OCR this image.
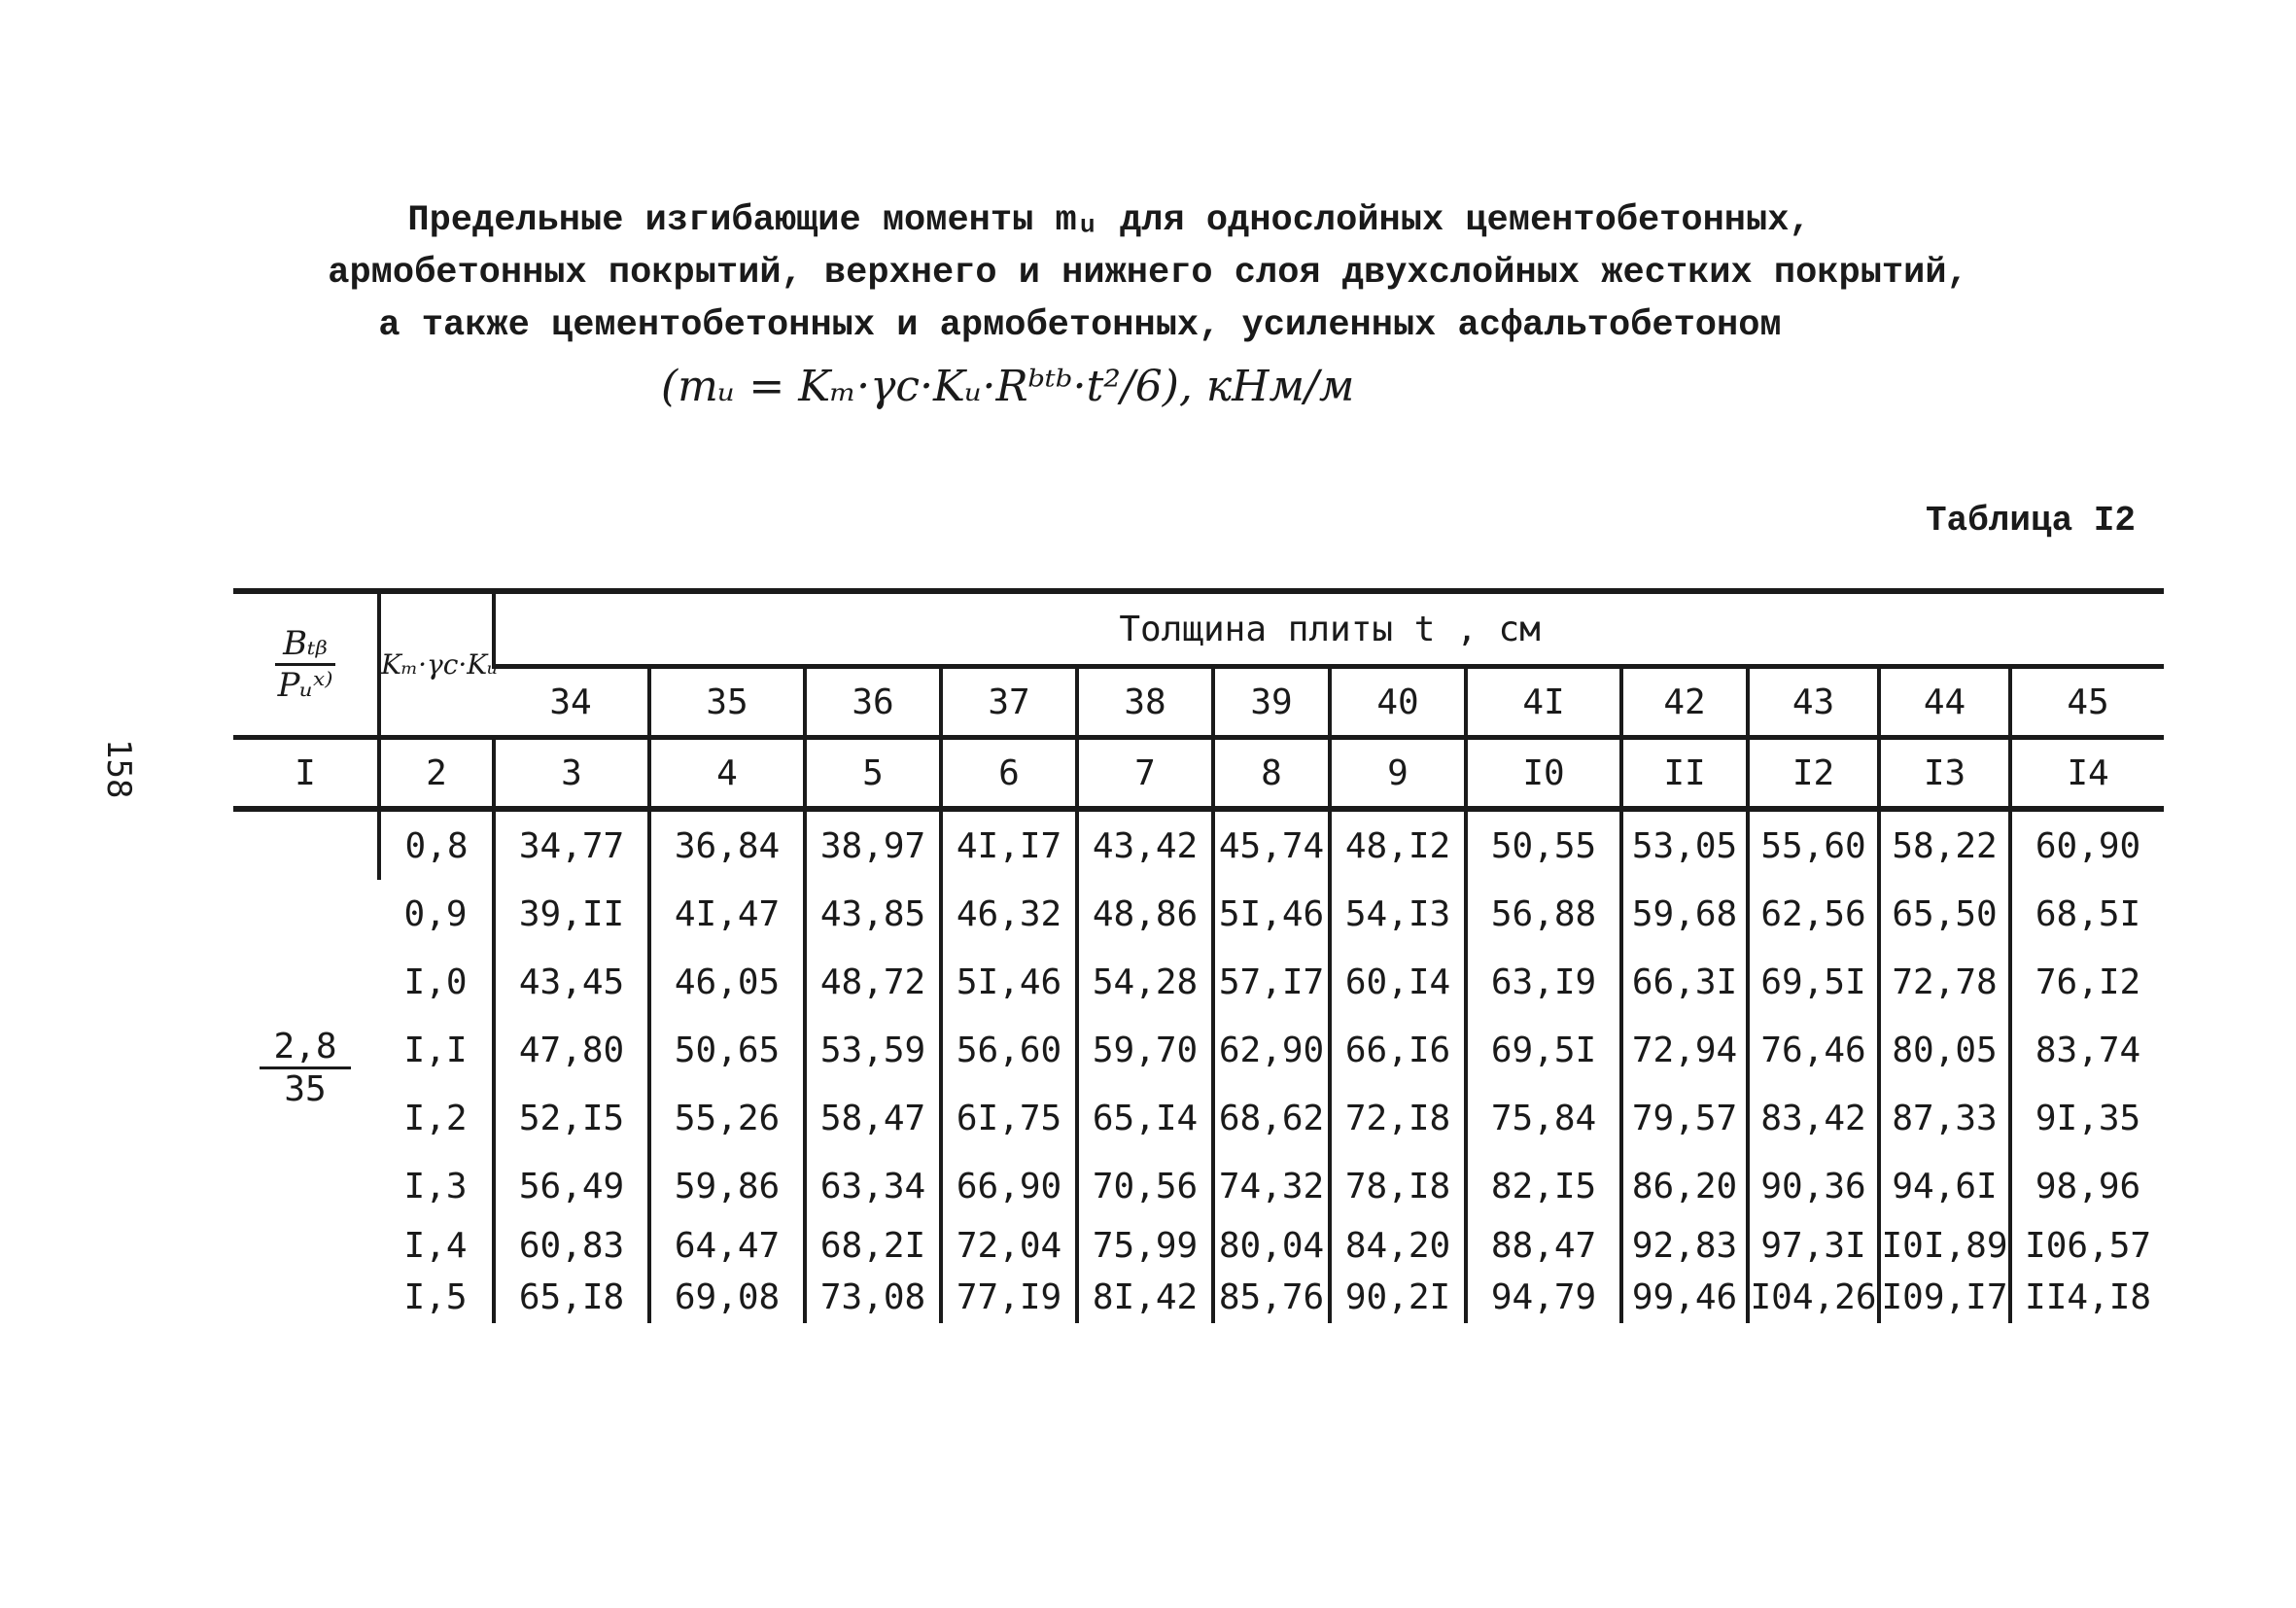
Предельные изгибающие моменты mᵤ для однослойных цементобетонных,
армобетонных покрытий, верхнего и нижнего слоя двухслойных жестких покрытий,
а также цементобетонных и армобетонных, усиленных асфальтобетоном
(mᵤ = Kₘ·γc·Kᵤ·Rᵇᵗᵇ·t²/6), кНм/м
Таблица I2
158
$\frac{\text{Bₜᵦ}}{\text{Pᵤˣ⁾}}$	Kₘ·γc·Kᵤ	Толщина плиты t , см											
		34	35	36	37	38	39	40	4I	42	43	44	45
I	2	3	4	5	6	7	8	9	I0	II	I2	I3	I4

$\frac{2,8}{35}$	0,8	34,77	36,84	38,97	4I,I7	43,42	45,74	48,I2	50,55	53,05	55,60	58,22	60,90
	0,9	39,II	4I,47	43,85	46,32	48,86	5I,46	54,I3	56,88	59,68	62,56	65,50	68,5I
	I,0	43,45	46,05	48,72	5I,46	54,28	57,I7	60,I4	63,I9	66,3I	69,5I	72,78	76,I2
	I,I	47,80	50,65	53,59	56,60	59,70	62,90	66,I6	69,5I	72,94	76,46	80,05	83,74
	I,2	52,I5	55,26	58,47	6I,75	65,I4	68,62	72,I8	75,84	79,57	83,42	87,33	9I,35
	I,3	56,49	59,86	63,34	66,90	70,56	74,32	78,I8	82,I5	86,20	90,36	94,6I	98,96
	I,4	60,83	64,47	68,2I	72,04	75,99	80,04	84,20	88,47	92,83	97,3I	I0I,89	I06,57
	I,5	65,I8	69,08	73,08	77,I9	8I,42	85,76	90,2I	94,79	99,46	I04,26	I09,I7	II4,I8
